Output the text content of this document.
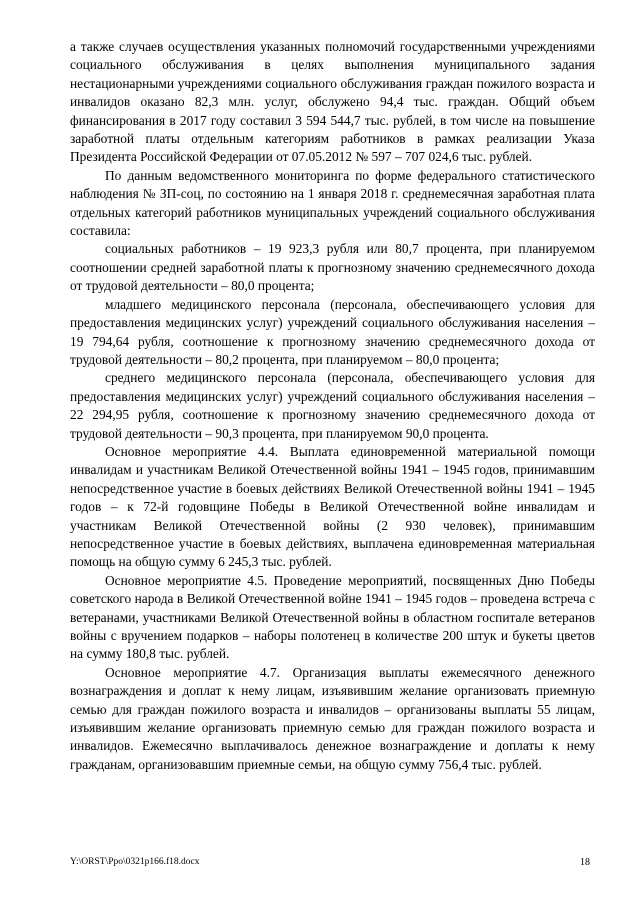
а также случаев осуществления указанных полномочий государственными учреждениями социального обслуживания в целях выполнения муниципального задания нестационарными учреждениями социального обслуживания граждан пожилого возраста и инвалидов оказано 82,3 млн. услуг, обслужено 94,4 тыс. граждан. Общий объем финансирования в 2017 году составил 3 594 544,7 тыс. рублей, в том числе на повышение заработной платы отдельным категориям работников в рамках реализации Указа Президента Российской Федерации от 07.05.2012 № 597 – 707 024,6 тыс. рублей.

По данным ведомственного мониторинга по форме федерального статистического наблюдения № ЗП-соц, по состоянию на 1 января 2018 г. среднемесячная заработная плата отдельных категорий работников муниципальных учреждений социального обслуживания составила:

социальных работников – 19 923,3 рубля или 80,7 процента, при планируемом соотношении средней заработной платы к прогнозному значению среднемесячного дохода от трудовой деятельности – 80,0 процента;

младшего медицинского персонала (персонала, обеспечивающего условия для предоставления медицинских услуг) учреждений социального обслуживания населения – 19 794,64 рубля, соотношение к прогнозному значению среднемесячного дохода от трудовой деятельности – 80,2 процента, при планируемом – 80,0 процента;

среднего медицинского персонала (персонала, обеспечивающего условия для предоставления медицинских услуг) учреждений социального обслуживания населения – 22 294,95 рубля, соотношение к прогнозному значению среднемесячного дохода от трудовой деятельности – 90,3 процента, при планируемом 90,0 процента.

Основное мероприятие 4.4. Выплата единовременной материальной помощи инвалидам и участникам Великой Отечественной войны 1941 – 1945 годов, принимавшим непосредственное участие в боевых действиях Великой Отечественной войны 1941 – 1945 годов – к 72-й годовщине Победы в Великой Отечественной войне инвалидам и участникам Великой Отечественной войны (2 930 человек), принимавшим непосредственное участие в боевых действиях, выплачена единовременная материальная помощь на общую сумму 6 245,3 тыс. рублей.

Основное мероприятие 4.5. Проведение мероприятий, посвященных Дню Победы советского народа в Великой Отечественной войне 1941 – 1945 годов – проведена встреча с ветеранами, участниками Великой Отечественной войны в областном госпитале ветеранов войны с вручением подарков – наборы полотенец в количестве 200 штук и букеты цветов на сумму 180,8 тыс. рублей.

Основное мероприятие 4.7. Организация выплаты ежемесячного денежного вознаграждения и доплат к нему лицам, изъявившим желание организовать приемную семью для граждан пожилого возраста и инвалидов – организованы выплаты 55 лицам, изъявившим желание организовать приемную семью для граждан пожилого возраста и инвалидов. Ежемесячно выплачивалось денежное вознаграждение и доплаты к нему гражданам, организовавшим приемные семьи, на общую сумму 756,4 тыс. рублей.

Y:\ORST\Ppo\0321p166.f18.docx	18
